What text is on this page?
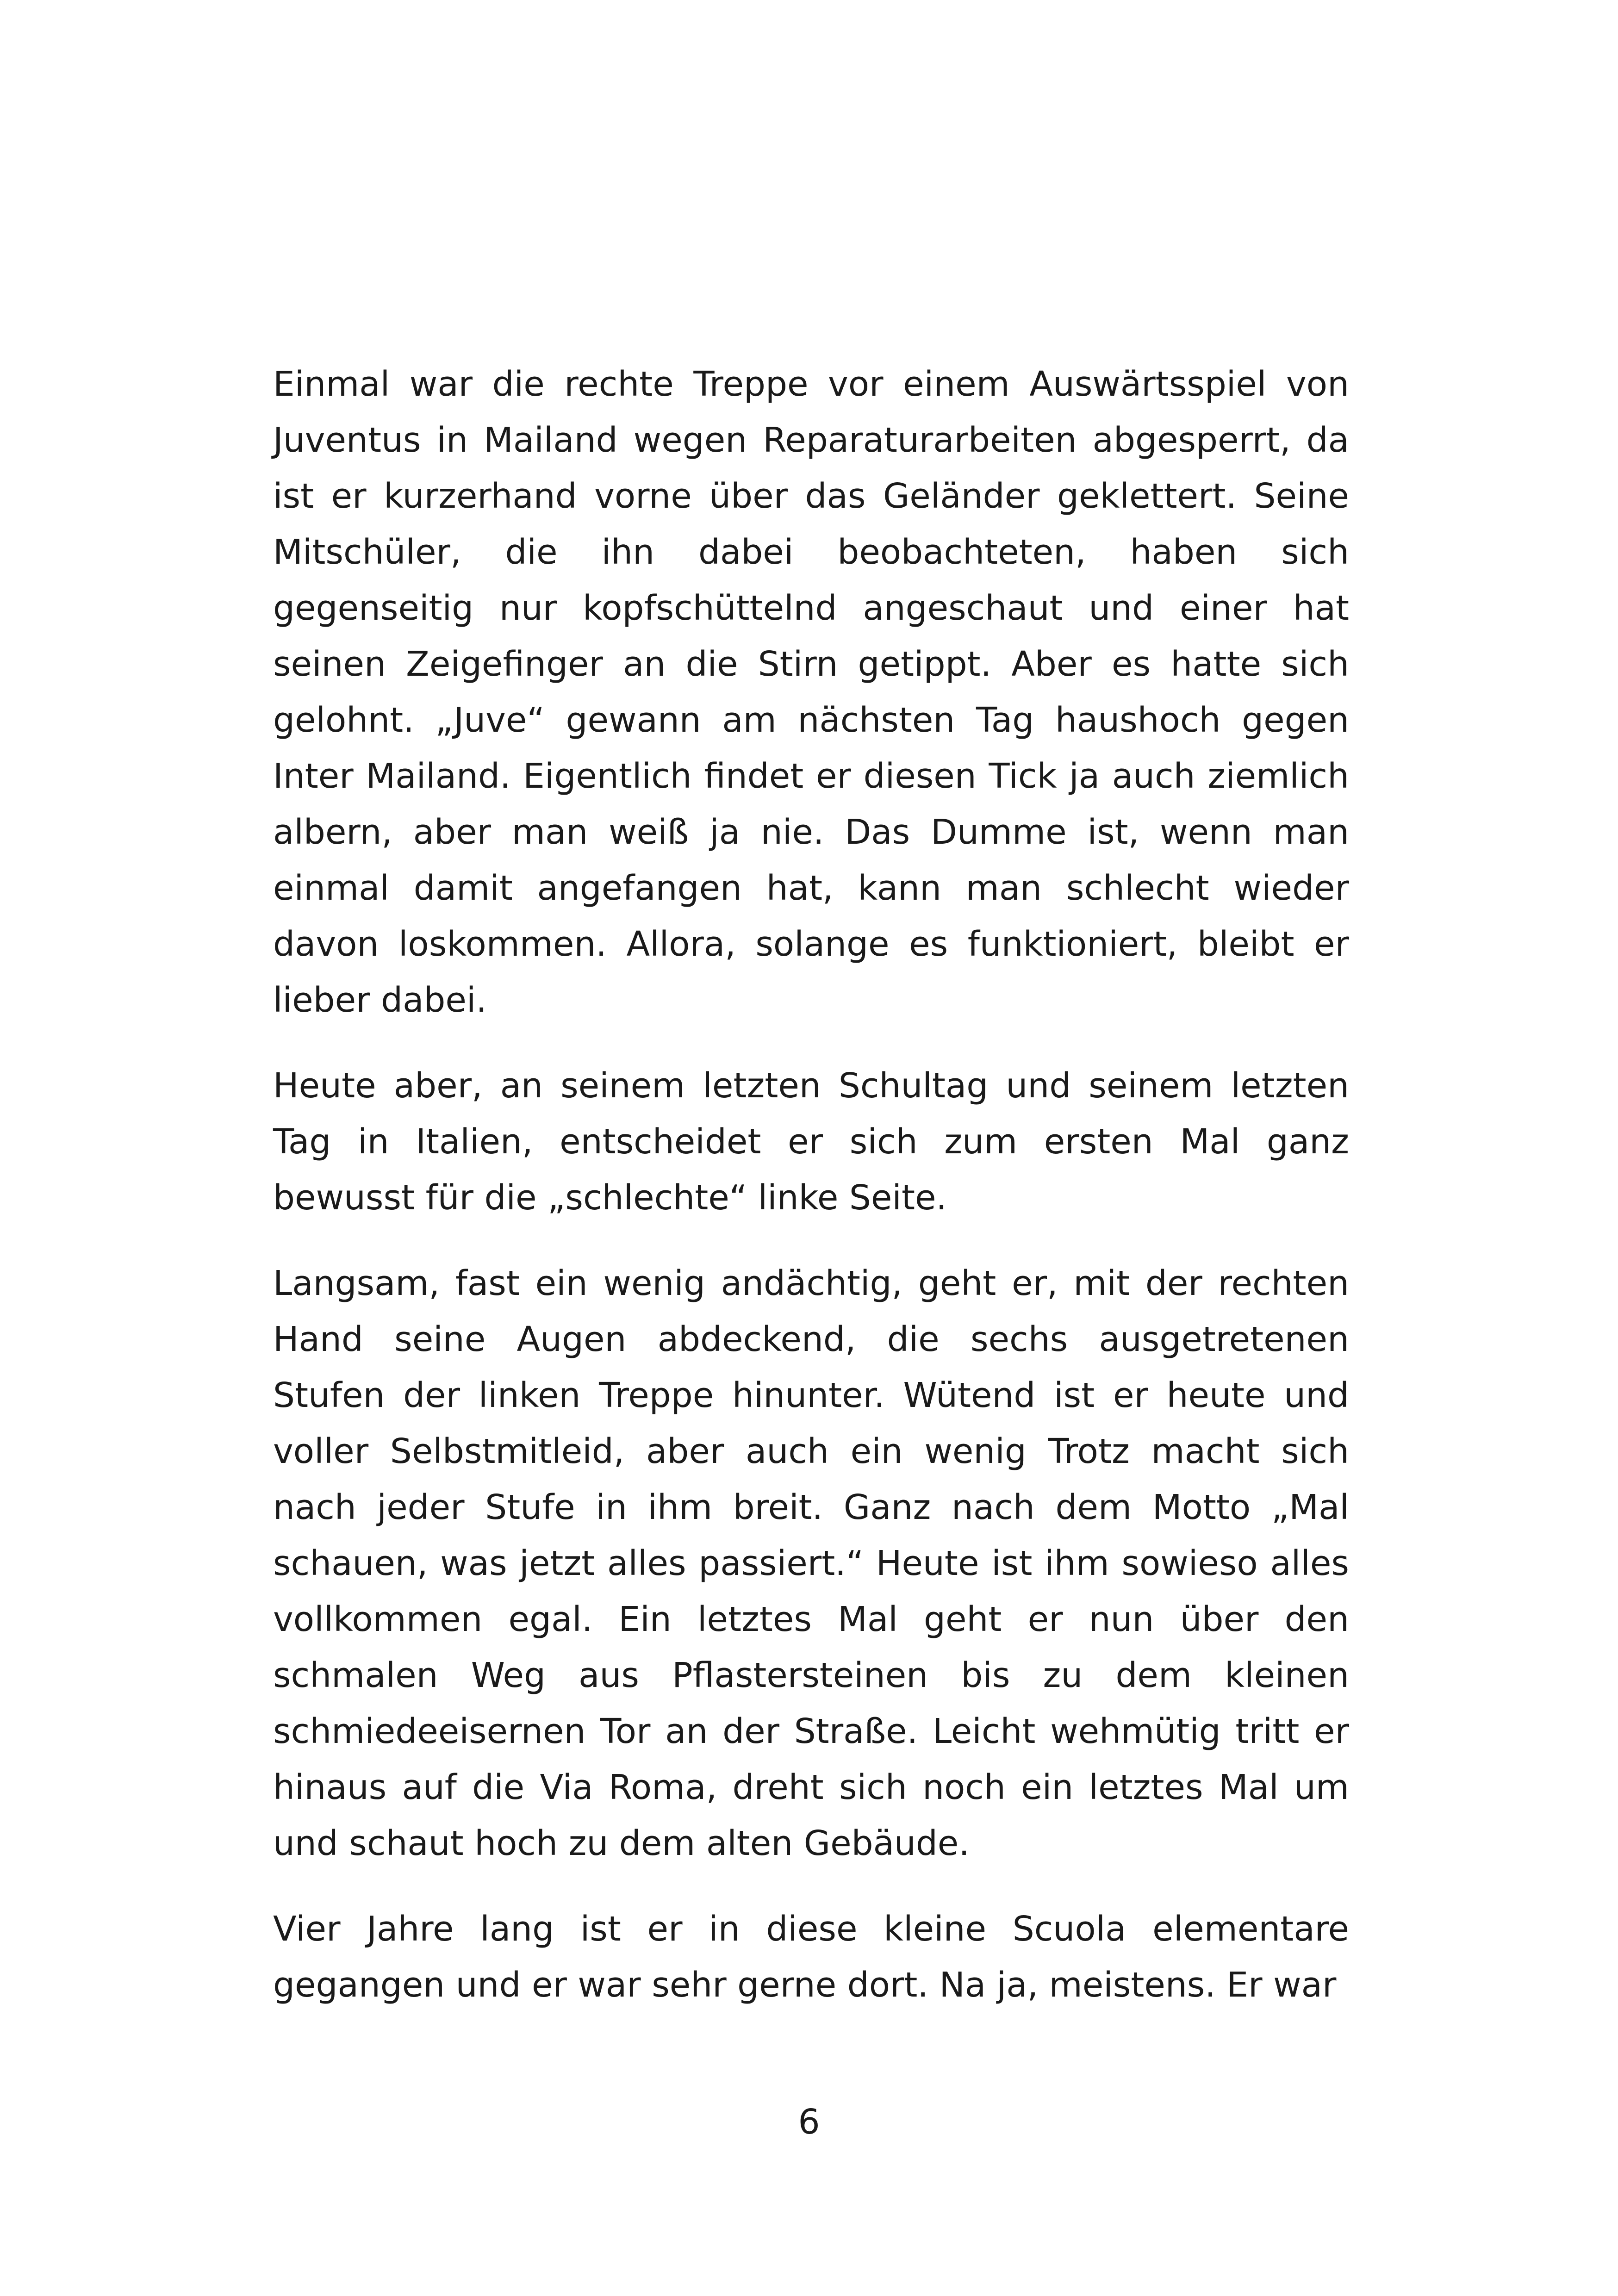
Einmal war die rechte Treppe vor einem Auswärtsspiel von Juventus in Mailand wegen Reparaturarbeiten abgesperrt, da ist er kurzerhand vorne über das Geländer geklettert. Seine Mitschüler, die ihn dabei beobachteten, haben sich gegenseitig nur kopfschüttelnd angeschaut und einer hat seinen Zeigefinger an die Stirn getippt. Aber es hatte sich gelohnt. „Juve“ gewann am nächsten Tag haushoch gegen Inter Mailand. Eigentlich findet er diesen Tick ja auch ziemlich albern, aber man weiß ja nie. Das Dumme ist, wenn man einmal damit angefangen hat, kann man schlecht wieder davon loskommen. Allora, solange es funktioniert, bleibt er lieber dabei.

Heute aber, an seinem letzten Schultag und seinem letzten Tag in Italien, entscheidet er sich zum ersten Mal ganz bewusst für die „schlechte“ linke Seite.

Langsam, fast ein wenig andächtig, geht er, mit der rechten Hand seine Augen abdeckend, die sechs ausgetretenen Stufen der linken Treppe hinunter. Wütend ist er heute und voller Selbstmitleid, aber auch ein wenig Trotz macht sich nach jeder Stufe in ihm breit. Ganz nach dem Motto „Mal schauen, was jetzt alles passiert.“ Heute ist ihm sowieso alles vollkommen egal. Ein letztes Mal geht er nun über den schmalen Weg aus Pflastersteinen bis zu dem kleinen schmiedeeisernen Tor an der Straße. Leicht wehmütig tritt er hinaus auf die Via Roma, dreht sich noch ein letztes Mal um und schaut hoch zu dem alten Gebäude.

Vier Jahre lang ist er in diese kleine Scuola elementare gegangen und er war sehr gerne dort. Na ja, meistens. Er war

6
